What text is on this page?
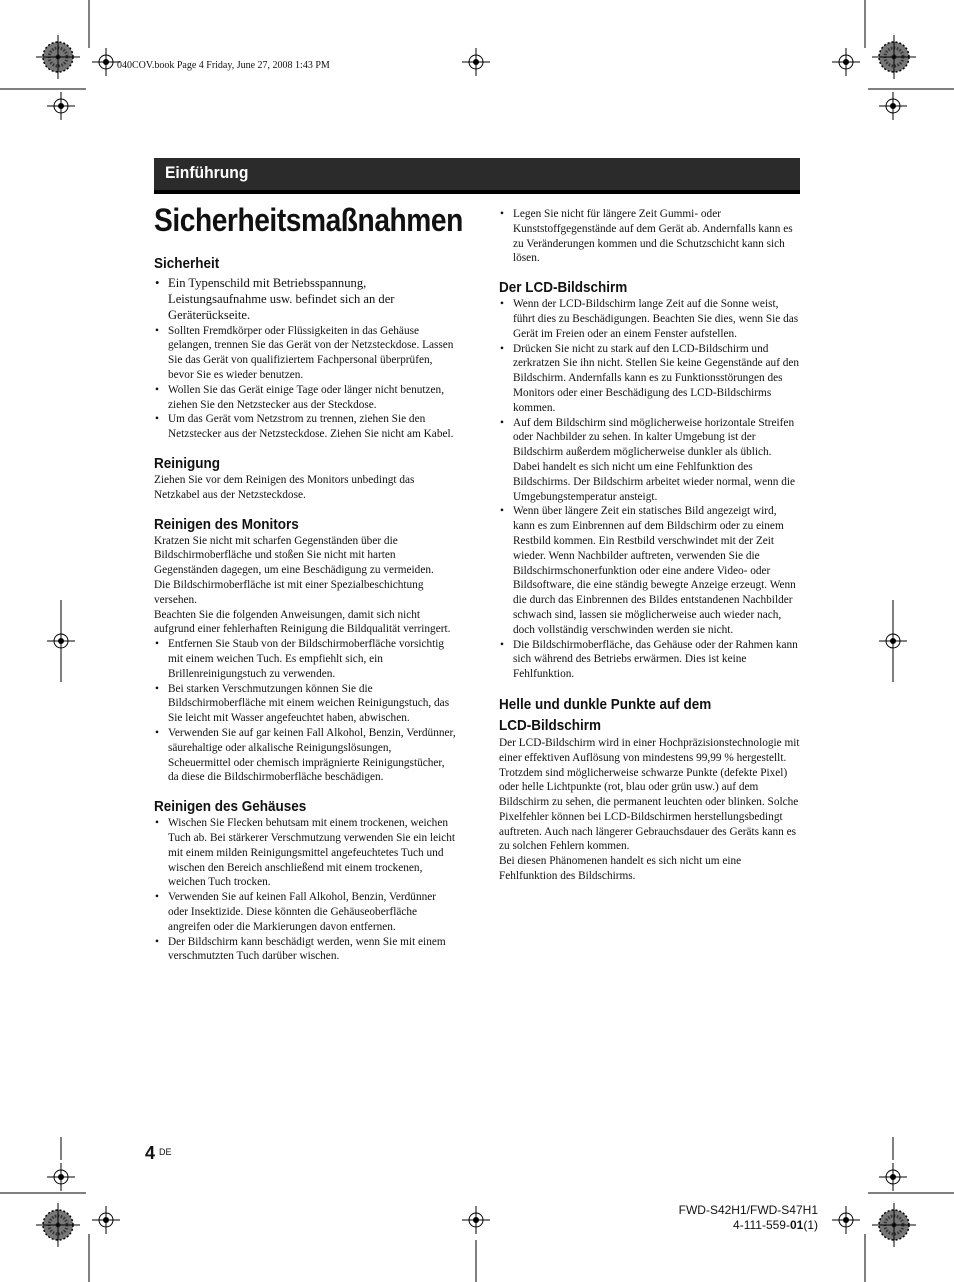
040COV.book Page 4 Friday, June 27, 2008 1:43 PM
Einführung
Sicherheitsmaßnahmen
Sicherheit
• Ein Typenschild mit Betriebsspannung, Leistungsaufnahme usw. befindet sich an der Geräterückseite.
• Sollten Fremdkörper oder Flüssigkeiten in das Gehäuse gelangen, trennen Sie das Gerät von der Netzsteckdose. Lassen Sie das Gerät von qualifiziertem Fachpersonal überprüfen, bevor Sie es wieder benutzen.
• Wollen Sie das Gerät einige Tage oder länger nicht benutzen, ziehen Sie den Netzstecker aus der Steckdose.
• Um das Gerät vom Netzstrom zu trennen, ziehen Sie den Netzstecker aus der Netzsteckdose. Ziehen Sie nicht am Kabel.
Reinigung

Ziehen Sie vor dem Reinigen des Monitors unbedingt das Netzkabel aus der Netzsteckdose.

Reinigen des Monitors

Kratzen Sie nicht mit scharfen Gegenständen über die Bildschirmoberfläche und stoßen Sie nicht mit harten Gegenständen dagegen, um eine Beschädigung zu vermeiden.

Die Bildschirmoberfläche ist mit einer Spezialbeschichtung versehen.

Beachten Sie die folgenden Anweisungen, damit sich nicht aufgrund einer fehlerhaften Reinigung die Bildqualität verringert.

• Entfernen Sie Staub von der Bildschirmoberfläche vorsichtig mit einem weichen Tuch. Es empfiehlt sich, ein Brillenreinigungstuch zu verwenden.
• Bei starken Verschmutzungen können Sie die Bildschirmoberfläche mit einem weichen Reinigungstuch, das Sie leicht mit Wasser angefeuchtet haben, abwischen.
• Verwenden Sie auf gar keinen Fall Alkohol, Benzin, Verdünner, säurehaltige oder alkalische Reinigungslösungen, Scheuermittel oder chemisch imprägnierte Reinigungstücher, da diese die Bildschirmoberfläche beschädigen.
Reinigen des Gehäuses
• Wischen Sie Flecken behutsam mit einem trockenen, weichen Tuch ab. Bei stärkerer Verschmutzung verwenden Sie ein leicht mit einem milden Reinigungsmittel angefeuchtetes Tuch und wischen den Bereich anschließend mit einem trockenen, weichen Tuch trocken.
• Verwenden Sie auf keinen Fall Alkohol, Benzin, Verdünner oder Insektizide. Diese könnten die Gehäuseoberfläche angreifen oder die Markierungen davon entfernen.
• Der Bildschirm kann beschädigt werden, wenn Sie mit einem verschmutzten Tuch darüber wischen.
• Legen Sie nicht für längere Zeit Gummi- oder Kunststoffgegenstände auf dem Gerät ab. Andernfalls kann es zu Veränderungen kommen und die Schutzschicht kann sich lösen.
Der LCD-Bildschirm
• Wenn der LCD-Bildschirm lange Zeit auf die Sonne weist, führt dies zu Beschädigungen. Beachten Sie dies, wenn Sie das Gerät im Freien oder an einem Fenster aufstellen.
• Drücken Sie nicht zu stark auf den LCD-Bildschirm und zerkratzen Sie ihn nicht. Stellen Sie keine Gegenstände auf den Bildschirm. Andernfalls kann es zu Funktionsstörungen des Monitors oder einer Beschädigung des LCD-Bildschirms kommen.
• Auf dem Bildschirm sind möglicherweise horizontale Streifen oder Nachbilder zu sehen. In kalter Umgebung ist der Bildschirm außerdem möglicherweise dunkler als üblich. Dabei handelt es sich nicht um eine Fehlfunktion des Bildschirms. Der Bildschirm arbeitet wieder normal, wenn die Umgebungstemperatur ansteigt.
• Wenn über längere Zeit ein statisches Bild angezeigt wird, kann es zum Einbrennen auf dem Bildschirm oder zu einem Restbild kommen. Ein Restbild verschwindet mit der Zeit wieder. Wenn Nachbilder auftreten, verwenden Sie die Bildschirmschonerfunktion oder eine andere Video- oder Bildsoftware, die eine ständig bewegte Anzeige erzeugt. Wenn die durch das Einbrennen des Bildes entstandenen Nachbilder schwach sind, lassen sie möglicherweise auch wieder nach, doch vollständig verschwinden werden sie nicht.
• Die Bildschirmoberfläche, das Gehäuse oder der Rahmen kann sich während des Betriebs erwärmen. Dies ist keine Fehlfunktion.
Helle und dunkle Punkte auf dem
LCD-Bildschirm

Der LCD-Bildschirm wird in einer Hochpräzisionstechnologie mit einer effektiven Auflösung von mindestens 99,99 % hergestellt. Trotzdem sind möglicherweise schwarze Punkte (defekte Pixel) oder helle Lichtpunkte (rot, blau oder grün usw.) auf dem Bildschirm zu sehen, die permanent leuchten oder blinken. Solche Pixelfehler können bei LCD-Bildschirmen herstellungsbedingt auftreten. Auch nach längerer Gebrauchsdauer des Geräts kann es zu solchen Fehlern kommen.

Bei diesen Phänomenen handelt es sich nicht um eine Fehlfunktion des Bildschirms.

4 DE
FWD-S42H1/FWD-S47H1
4-111-559-01(1)
